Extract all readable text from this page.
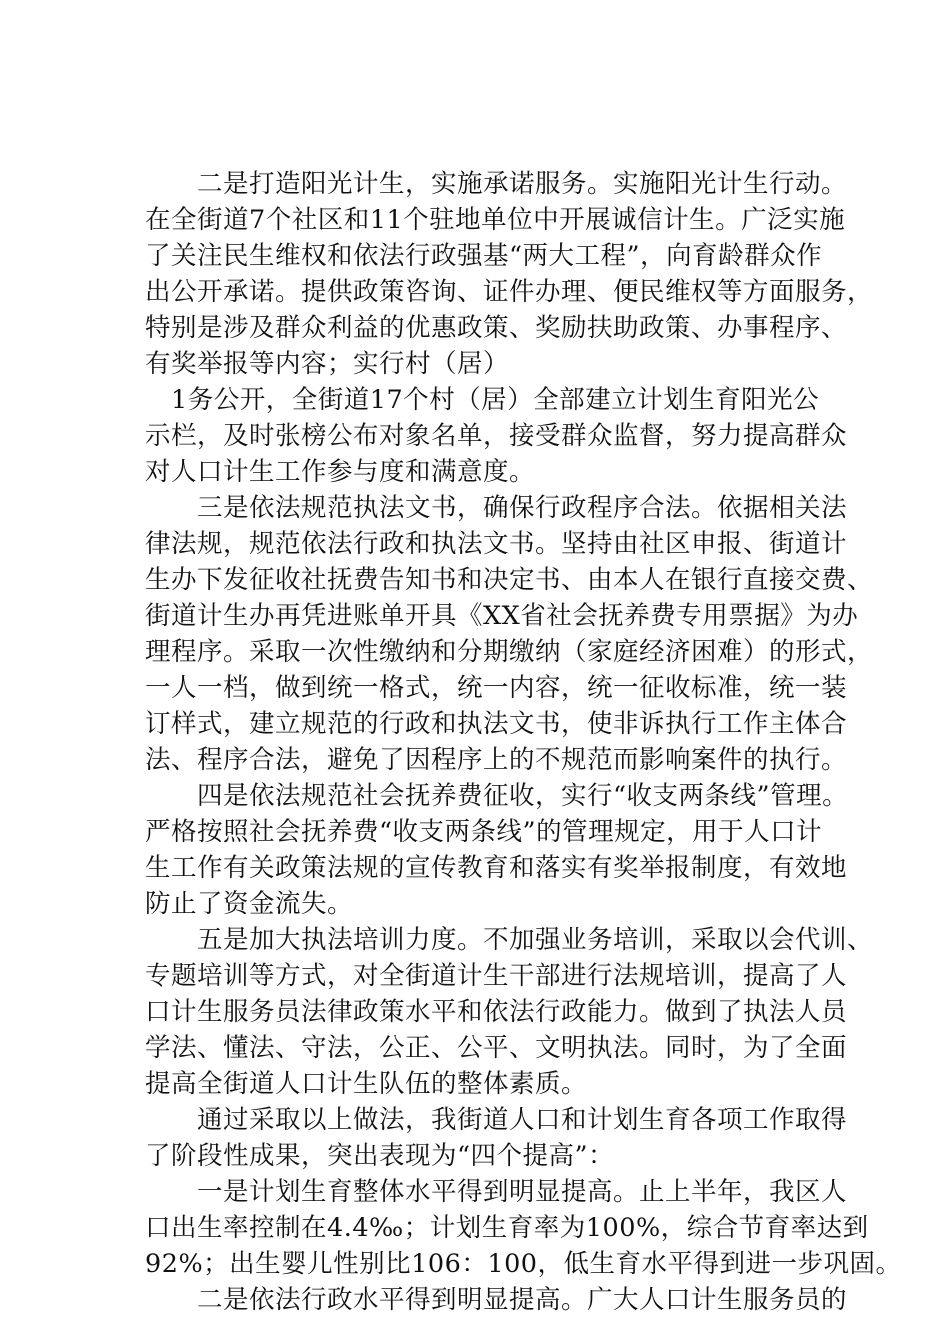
　　二是打造阳光计生，实施承诺服务。实施阳光计生行动。
在全街道7个社区和11个驻地单位中开展诚信计生。广泛实施
了关注民生维权和依法行政强基“两大工程”，向育龄群众作
出公开承诺。提供政策咨询、证件办理、便民维权等方面服务，
特别是涉及群众利益的优惠政策、奖励扶助政策、办事程序、
有奖举报等内容；实行村（居）
　1务公开，全街道17个村（居）全部建立计划生育阳光公
示栏，及时张榜公布对象名单，接受群众监督，努力提高群众
对人口计生工作参与度和满意度。
　　三是依法规范执法文书，确保行政程序合法。依据相关法
律法规，规范依法行政和执法文书。坚持由社区申报、街道计
生办下发征收社抚费告知书和决定书、由本人在银行直接交费、
街道计生办再凭进账单开具《XX省社会抚养费专用票据》为办
理程序。采取一次性缴纳和分期缴纳（家庭经济困难）的形式，
一人一档，做到统一格式，统一内容，统一征收标准，统一装
订样式，建立规范的行政和执法文书，使非诉执行工作主体合
法、程序合法，避免了因程序上的不规范而影响案件的执行。
　　四是依法规范社会抚养费征收，实行“收支两条线”管理。
严格按照社会抚养费“收支两条线”的管理规定，用于人口计
生工作有关政策法规的宣传教育和落实有奖举报制度，有效地
防止了资金流失。
　　五是加大执法培训力度。不加强业务培训，采取以会代训、
专题培训等方式，对全街道计生干部进行法规培训，提高了人
口计生服务员法律政策水平和依法行政能力。做到了执法人员
学法、懂法、守法，公正、公平、文明执法。同时，为了全面
提高全街道人口计生队伍的整体素质。
　　通过采取以上做法，我街道人口和计划生育各项工作取得
了阶段性成果，突出表现为“四个提高”：
　　一是计划生育整体水平得到明显提高。止上半年，我区人
口出生率控制在4.4‰；计划生育率为100%，综合节育率达到
92%；出生婴儿性别比106：100，低生育水平得到进一步巩固。
　　二是依法行政水平得到明显提高。广大人口计生服务员的
